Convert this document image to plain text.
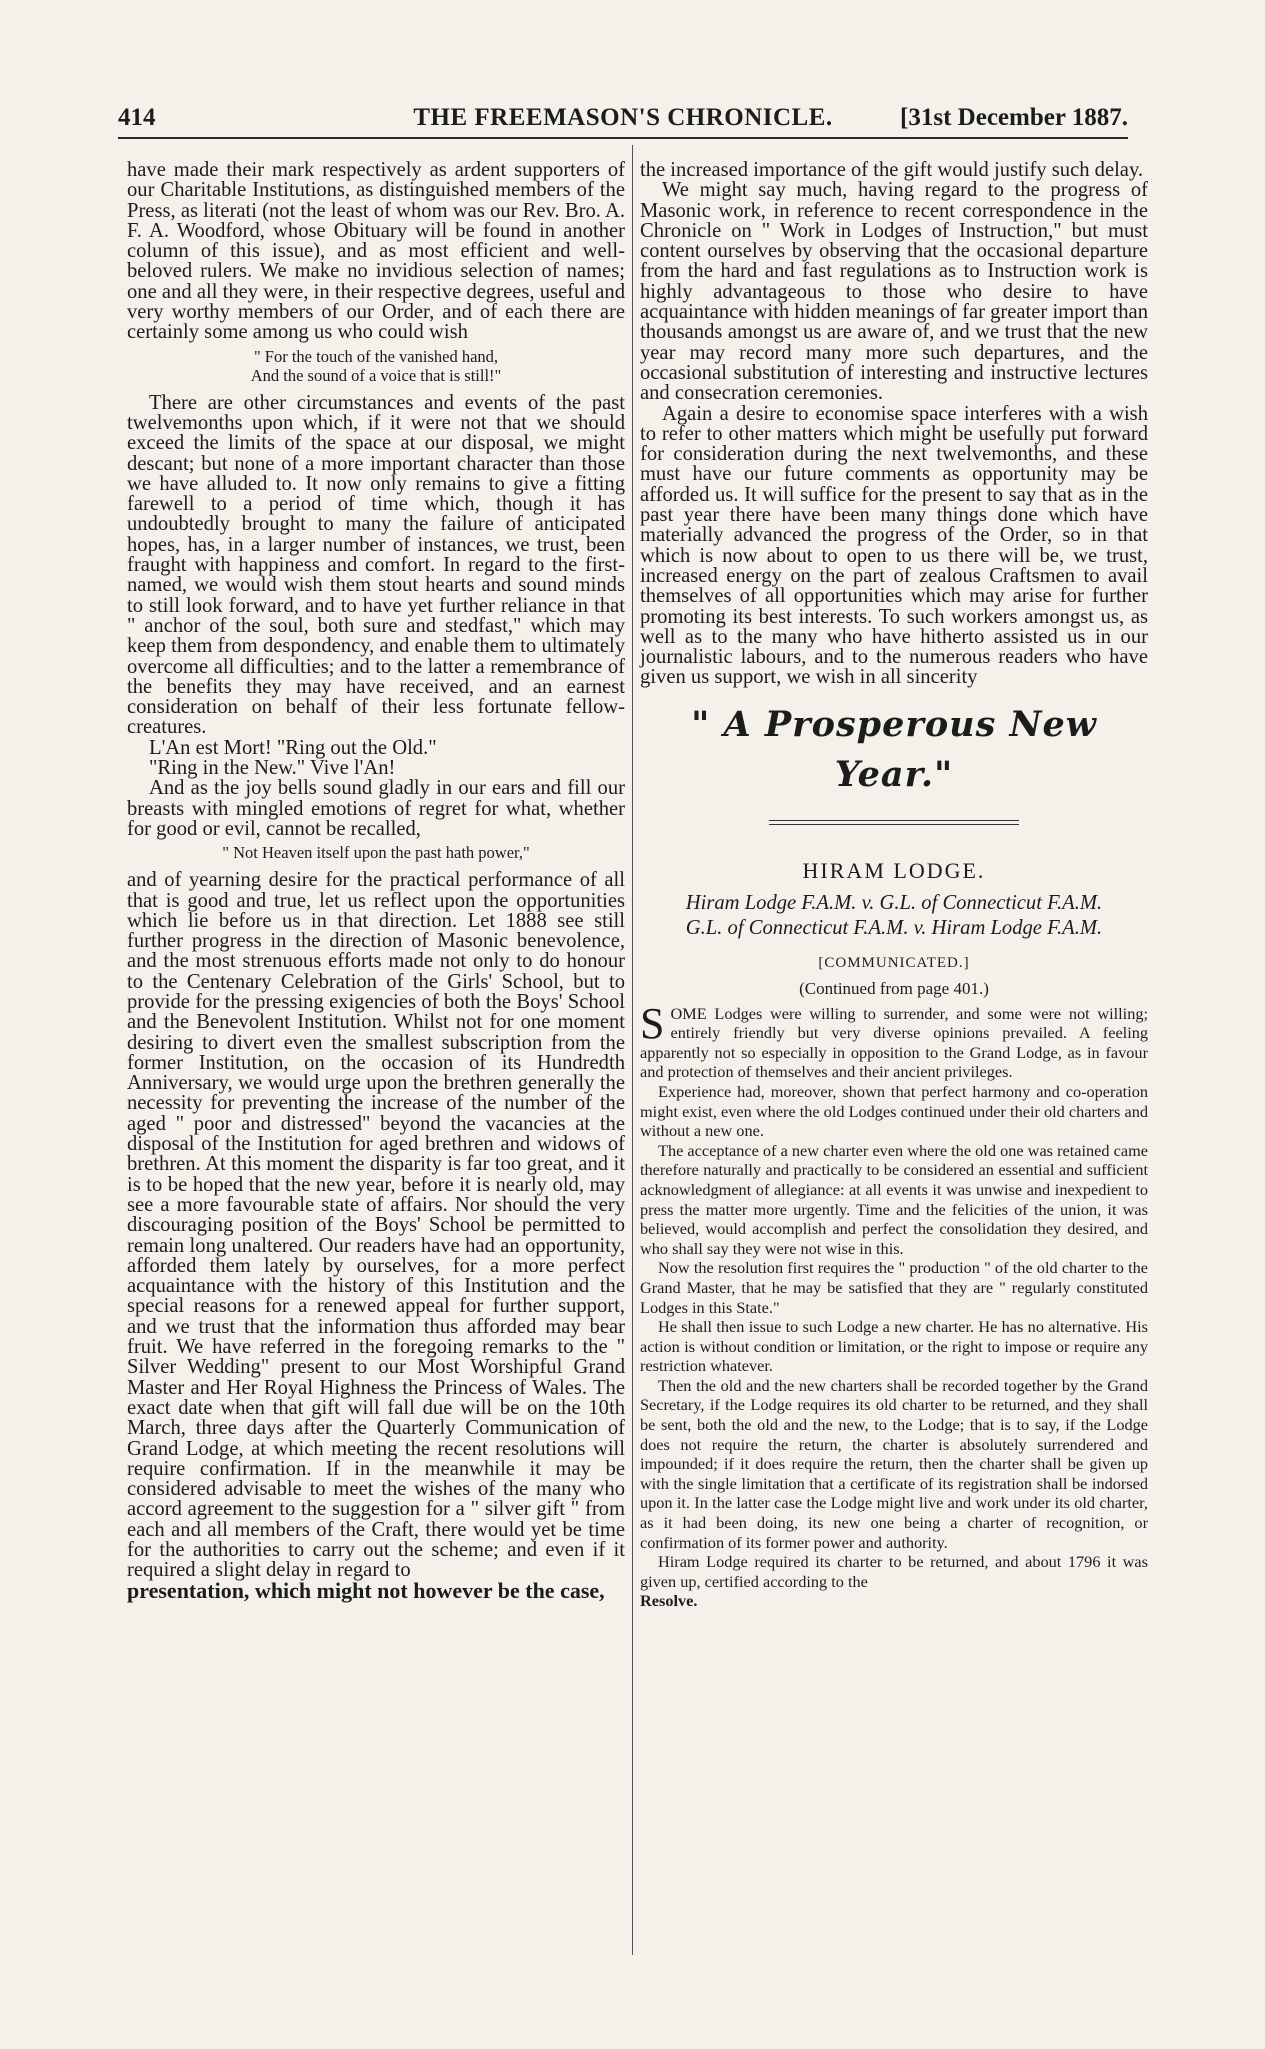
414	THE FREEMASON'S CHRONICLE.	[31st December 1887.

have made their mark respectively as ardent supporters of our Charitable Institutions, as distinguished members of the Press, as literati (not the least of whom was our Rev. Bro. A. F. A. Woodford, whose Obituary will be found in another column of this issue), and as most efficient and well-beloved rulers. We make no invidious selection of names; one and all they were, in their respective degrees, useful and very worthy members of our Order, and of each there are certainly some among us who could wish

" For the touch of the vanished hand,
And the sound of a voice that is still!"

There are other circumstances and events of the past twelvemonths upon which, if it were not that we should exceed the limits of the space at our disposal, we might descant; but none of a more important character than those we have alluded to. It now only remains to give a fitting farewell to a period of time which, though it has undoubtedly brought to many the failure of anticipated hopes, has, in a larger number of instances, we trust, been fraught with happiness and comfort. In regard to the first-named, we would wish them stout hearts and sound minds to still look forward, and to have yet further reliance in that " anchor of the soul, both sure and stedfast," which may keep them from despondency, and enable them to ultimately overcome all difficulties; and to the latter a remembrance of the benefits they may have received, and an earnest consideration on behalf of their less fortunate fellow-creatures.

L'An est Mort! "Ring out the Old."

"Ring in the New." Vive l'An!

And as the joy bells sound gladly in our ears and fill our breasts with mingled emotions of regret for what, whether for good or evil, cannot be recalled,

" Not Heaven itself upon the past hath power,"

and of yearning desire for the practical performance of all that is good and true, let us reflect upon the opportunities which lie before us in that direction. Let 1888 see still further progress in the direction of Masonic benevolence, and the most strenuous efforts made not only to do honour to the Centenary Celebration of the Girls' School, but to provide for the pressing exigencies of both the Boys' School and the Benevolent Institution. Whilst not for one moment desiring to divert even the smallest subscription from the former Institution, on the occasion of its Hundredth Anniversary, we would urge upon the brethren generally the necessity for preventing the increase of the number of the aged " poor and distressed" beyond the vacancies at the disposal of the Institution for aged brethren and widows of brethren. At this moment the disparity is far too great, and it is to be hoped that the new year, before it is nearly old, may see a more favourable state of affairs. Nor should the very discouraging position of the Boys' School be permitted to remain long unaltered. Our readers have had an opportunity, afforded them lately by ourselves, for a more perfect acquaintance with the history of this Institution and the special reasons for a renewed appeal for further support, and we trust that the information thus afforded may bear fruit. We have referred in the foregoing remarks to the " Silver Wedding" present to our Most Worshipful Grand Master and Her Royal Highness the Princess of Wales. The exact date when that gift will fall due will be on the 10th March, three days after the Quarterly Communication of Grand Lodge, at which meeting the recent resolutions will require confirmation. If in the meanwhile it may be considered advisable to meet the wishes of the many who accord agreement to the suggestion for a " silver gift " from each and all members of the Craft, there would yet be time for the authorities to carry out the scheme; and even if it required a slight delay in regard to

presentation, which might not however be the case,

the increased importance of the gift would justify such delay.

We might say much, having regard to the progress of Masonic work, in reference to recent correspondence in the Chronicle on " Work in Lodges of Instruction," but must content ourselves by observing that the occasional departure from the hard and fast regulations as to Instruction work is highly advantageous to those who desire to have acquaintance with hidden meanings of far greater import than thousands amongst us are aware of, and we trust that the new year may record many more such departures, and the occasional substitution of interesting and instructive lectures and consecration ceremonies.

Again a desire to economise space interferes with a wish to refer to other matters which might be usefully put forward for consideration during the next twelvemonths, and these must have our future comments as opportunity may be afforded us. It will suffice for the present to say that as in the past year there have been many things done which have materially advanced the progress of the Order, so in that which is now about to open to us there will be, we trust, increased energy on the part of zealous Craftsmen to avail themselves of all opportunities which may arise for further promoting its best interests. To such workers amongst us, as well as to the many who have hitherto assisted us in our journalistic labours, and to the numerous readers who have given us support, we wish in all sincerity

" A Prosperous New Year."
HIRAM LODGE.
Hiram Lodge F.A.M. v. G.L. of Connecticut F.A.M.
G.L. of Connecticut F.A.M. v. Hiram Lodge F.A.M.
[COMMUNICATED.]
(Continued from page 401.)

SOME Lodges were willing to surrender, and some were not willing; entirely friendly but very diverse opinions prevailed. A feeling apparently not so especially in opposition to the Grand Lodge, as in favour and protection of themselves and their ancient privileges.

Experience had, moreover, shown that perfect harmony and co-operation might exist, even where the old Lodges continued under their old charters and without a new one.

The acceptance of a new charter even where the old one was retained came therefore naturally and practically to be considered an essential and sufficient acknowledgment of allegiance: at all events it was unwise and inexpedient to press the matter more urgently. Time and the felicities of the union, it was believed, would accomplish and perfect the consolidation they desired, and who shall say they were not wise in this.

Now the resolution first requires the " production " of the old charter to the Grand Master, that he may be satisfied that they are " regularly constituted Lodges in this State."

He shall then issue to such Lodge a new charter. He has no alternative. His action is without condition or limitation, or the right to impose or require any restriction whatever.

Then the old and the new charters shall be recorded together by the Grand Secretary, if the Lodge requires its old charter to be returned, and they shall be sent, both the old and the new, to the Lodge; that is to say, if the Lodge does not require the return, the charter is absolutely surrendered and impounded; if it does require the return, then the charter shall be given up with the single limitation that a certificate of its registration shall be indorsed upon it. In the latter case the Lodge might live and work under its old charter, as it had been doing, its new one being a charter of recognition, or confirmation of its former power and authority.

Hiram Lodge required its charter to be returned, and about 1796 it was given up, certified according to the

Resolve.
